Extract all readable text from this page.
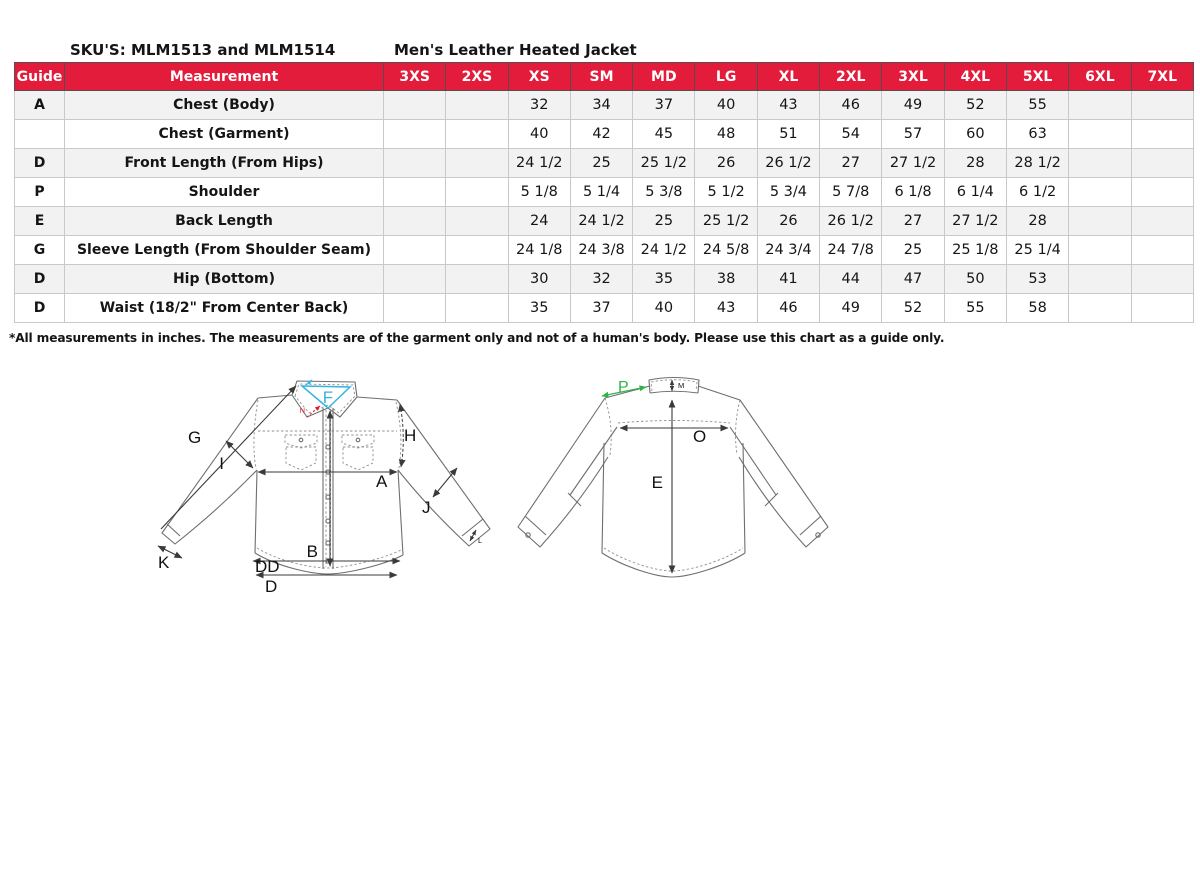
SKU'S: MLM1513 and MLM1514	Men's Leather Heated Jacket
Guide	Measurement	3XS	2XS	XS	SM	MD	LG	XL	2XL	3XL	4XL	5XL	6XL	7XL
A	Chest (Body)			32	34	37	40	43	46	49	52	55		
	Chest (Garment)			40	42	45	48	51	54	57	60	63		
D	Front Length (From Hips)			24 1/2	25	25 1/2	26	26 1/2	27	27 1/2	28	28 1/2		
P	Shoulder			5 1/8	5 1/4	5 3/8	5 1/2	5 3/4	5 7/8	6 1/8	6 1/4	6 1/2		
E	Back Length			24	24 1/2	25	25 1/2	26	26 1/2	27	27 1/2	28		
G	Sleeve Length (From Shoulder Seam)			24 1/8	24 3/8	24 1/2	24 5/8	24 3/4	24 7/8	25	25 1/8	25 1/4		
D	Hip (Bottom)			30	32	35	38	41	44	47	50	53		
D	Waist (18/2" From Center Back)			35	37	40	43	46	49	52	55	58		
*All measurements in inches. The measurements are of the garment only and not of a human's body. Please use this chart as a guide only.
F
N
G
I
H
A
J
B
K	DD
D
L
P	M
O
E
